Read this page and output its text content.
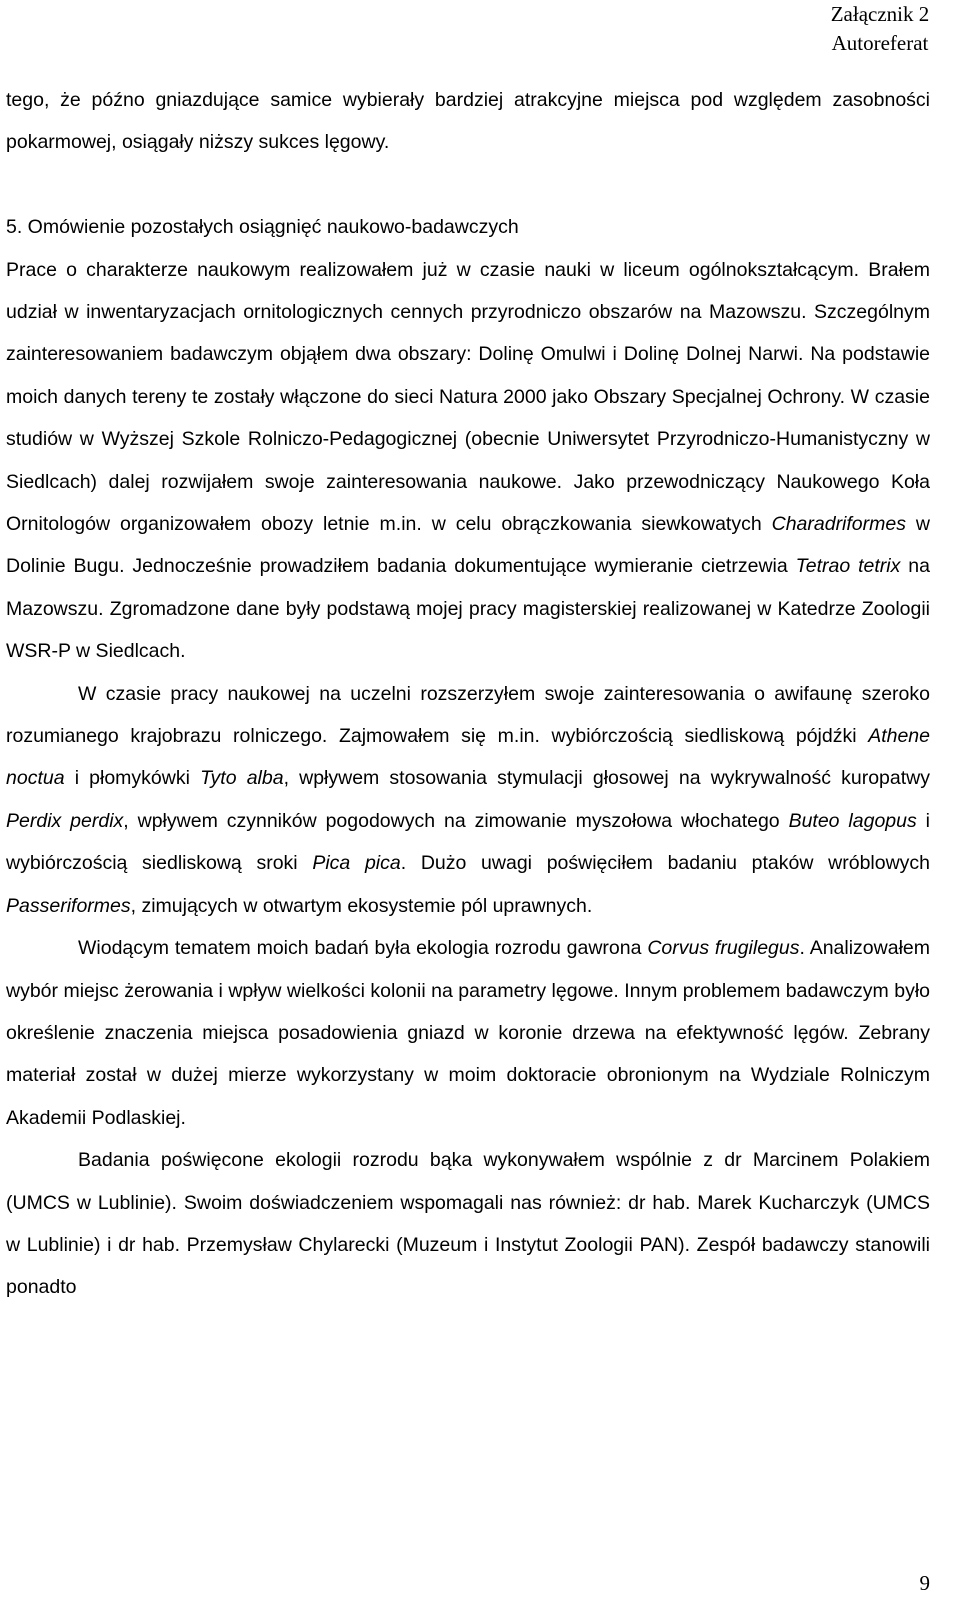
Załącznik 2
Autoreferat

tego, że późno gniazdujące samice wybierały bardziej atrakcyjne miejsca pod względem zasobności pokarmowej, osiągały niższy sukces lęgowy.

5. Omówienie pozostałych osiągnięć naukowo-badawczych

Prace o charakterze naukowym realizowałem już w czasie nauki w liceum ogólnokształcącym. Brałem udział w inwentaryzacjach ornitologicznych cennych przyrodniczo obszarów na Mazowszu. Szczególnym zainteresowaniem badawczym objąłem dwa obszary: Dolinę Omulwi i Dolinę Dolnej Narwi. Na podstawie moich danych tereny te zostały włączone do sieci Natura 2000 jako Obszary Specjalnej Ochrony. W czasie studiów w Wyższej Szkole Rolniczo-Pedagogicznej (obecnie Uniwersytet Przyrodniczo-Humanistyczny w Siedlcach) dalej rozwijałem swoje zainteresowania naukowe. Jako przewodniczący Naukowego Koła Ornitologów organizowałem obozy letnie m.in. w celu obrączkowania siewkowatych Charadriformes w Dolinie Bugu. Jednocześnie prowadziłem badania dokumentujące wymieranie cietrzewia Tetrao tetrix na Mazowszu. Zgromadzone dane były podstawą mojej pracy magisterskiej realizowanej w Katedrze Zoologii WSR-P w Siedlcach.

W czasie pracy naukowej na uczelni rozszerzyłem swoje zainteresowania o awifaunę szeroko rozumianego krajobrazu rolniczego. Zajmowałem się m.in. wybiórczością siedliskową pójdźki Athene noctua i płomykówki Tyto alba, wpływem stosowania stymulacji głosowej na wykrywalność kuropatwy Perdix perdix, wpływem czynników pogodowych na zimowanie myszołowa włochatego Buteo lagopus i wybiórczością siedliskową sroki Pica pica. Dużo uwagi poświęciłem badaniu ptaków wróblowych Passeriformes, zimujących w otwartym ekosystemie pól uprawnych.

Wiodącym tematem moich badań była ekologia rozrodu gawrona Corvus frugilegus. Analizowałem wybór miejsc żerowania i wpływ wielkości kolonii na parametry lęgowe. Innym problemem badawczym było określenie znaczenia miejsca posadowienia gniazd w koronie drzewa na efektywność lęgów. Zebrany materiał został w dużej mierze wykorzystany w moim doktoracie obronionym na Wydziale Rolniczym Akademii Podlaskiej.

Badania poświęcone ekologii rozrodu bąka wykonywałem wspólnie z dr Marcinem Polakiem (UMCS w Lublinie). Swoim doświadczeniem wspomagali nas również: dr hab. Marek Kucharczyk (UMCS w Lublinie) i dr hab. Przemysław Chylarecki (Muzeum i Instytut Zoologii PAN). Zespół badawczy stanowili ponadto

9
